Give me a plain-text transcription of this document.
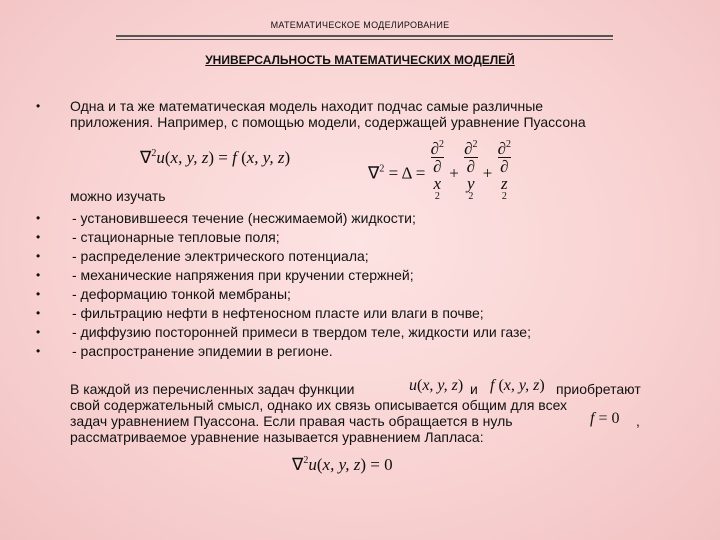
МАТЕМАТИЧЕСКОЕ МОДЕЛИРОВАНИЕ
УНИВЕРСАЛЬНОСТЬ МАТЕМАТИЧЕСКИХ МОДЕЛЕЙ
• Одна и та же математическая модель находит подчас самые различные
приложения. Например, с помощью модели, содержащей уравнение Пуассона
∇$^2$u(x, y, z) = f (x, y, z)
∇$^2$ = Δ = ∂$^2$
∂
x
$^2$ + ∂$^2$
∂
y
$^2$ + ∂$^2$
∂
z
$^2$
можно изучать
• - установившееся течение (несжимаемой) жидкости;
• - стационарные тепловые поля;
• - распределение электрического потенциала;
• - механические напряжения при кручении стержней;
• - деформацию тонкой мембраны;
• - фильтрацию нефти в нефтеносном пласте или влаги в почве;
• - диффузию посторонней примеси в твердом теле, жидкости или газе;
• - распространение эпидемии в регионе.
В каждой из перечисленных задач функции	u(x, y, z) и f (x, y, z) приобретают
свой содержательный смысл, однако их связь описывается общим для всех
задач уравнением Пуассона. Если правая часть обращается в нуль	f = 0 ,
рассматриваемое уравнение называется уравнением Лапласа:
∇$^2$u(x, y, z) = 0
